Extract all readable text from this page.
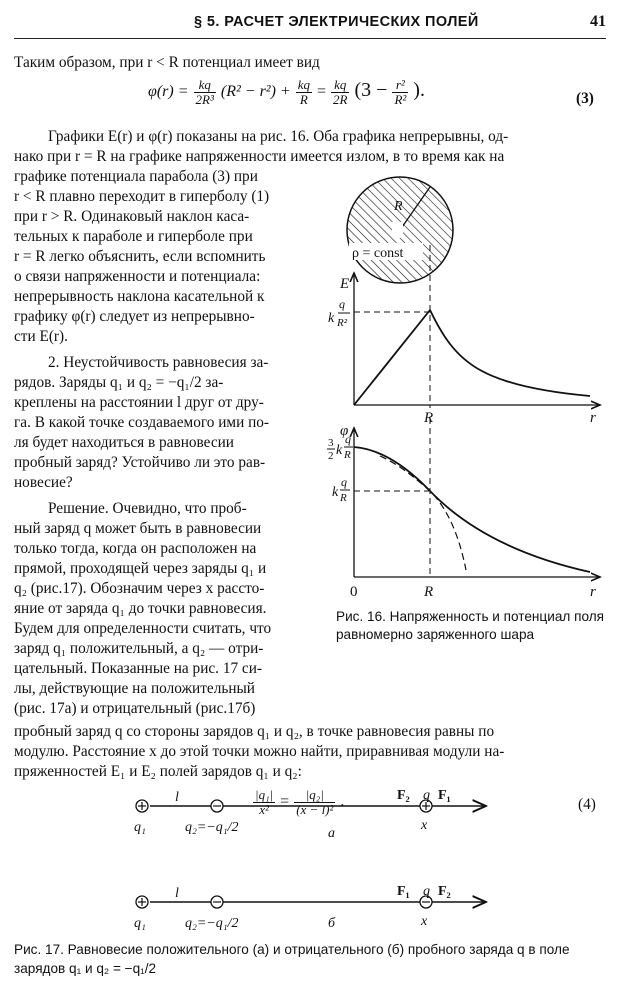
§ 5. РАСЧЕТ ЭЛЕКТРИЧЕСКИХ ПОЛЕЙ	41
Таким образом, при r < R потенциал имеет вид
$\varphi(r) = \frac{kq}{\text{2R³}} (R^2 - r^2) + \frac{kq}{R} = \frac{kq}{2R} (3 - \frac{\text{r²}}{\text{R²}}$ ).	(3)
Графики E(r) и φ(r) показаны на рис. 16. Оба графика непрерывны, од-
нако при r = R на графике напряженности имеется излом, в то время как на
графике потенциала парабола (3) при
r < R плавно переходит в гиперболу (1)
при r > R. Одинаковый наклон каса-
тельных к параболе и гиперболе при
r = R легко объяснить, если вспомнить
о связи напряженности и потенциала:
непрерывность наклона касательной к
графику φ(r) следует из непрерывно-
сти E(r).
2. Неустойчивость равновесия за-
рядов. Заряды q₁ и q₂ = −q₁/2 за-
креплены на расстоянии l друг от дру-
га. В какой точке создаваемого ими по-
ля будет находиться в равновесии
пробный заряд? Устойчиво ли это рав-
новесие?
Решение. Очевидно, что проб-
ный заряд q может быть в равновесии
только тогда, когда он расположен на
прямой, проходящей через заряды q₁ и
q₂ (рис.17). Обозначим через x рассто-
яние от заряда q₁ до точки равновесия.
Будем для определенности считать, что
заряд q₁ положительный, а q₂ — отри-
цательный. Показанные на рис. 17 си-
лы, действующие на положительный
(рис. 17а) и отрицательный (рис.17б)
пробный заряд q со стороны зарядов q₁ и q₂, в точке равновесия равны по
модулю. Расстояние x до этой точки можно найти, приравнивая модули на-
пряженностей E₁ и E₂ полей зарядов q₁ и q₂:
$\frac{\text{|q₁|}}{\text{x²}} = \frac{\text{|q₂|}}{\text{(x − l)²}}$ .	(4)
R
ρ = const
E
r
R
k
q
R²
φ
r
R
0
3
2 k
q
R
k
q
R
Рис. 16. Напряженность и потенциал поля равномерно заряженного шара
l
q₁	q₂=−q₁/2
F₂ q F₁
x
а
l
q₁	q₂=−q₁/2
F₁ q F₂
x
б
Рис. 17. Равновесие положительного (а) и отрицательного (б) пробного заряда q в поле зарядов q₁ и q₂ = −q₁/2
